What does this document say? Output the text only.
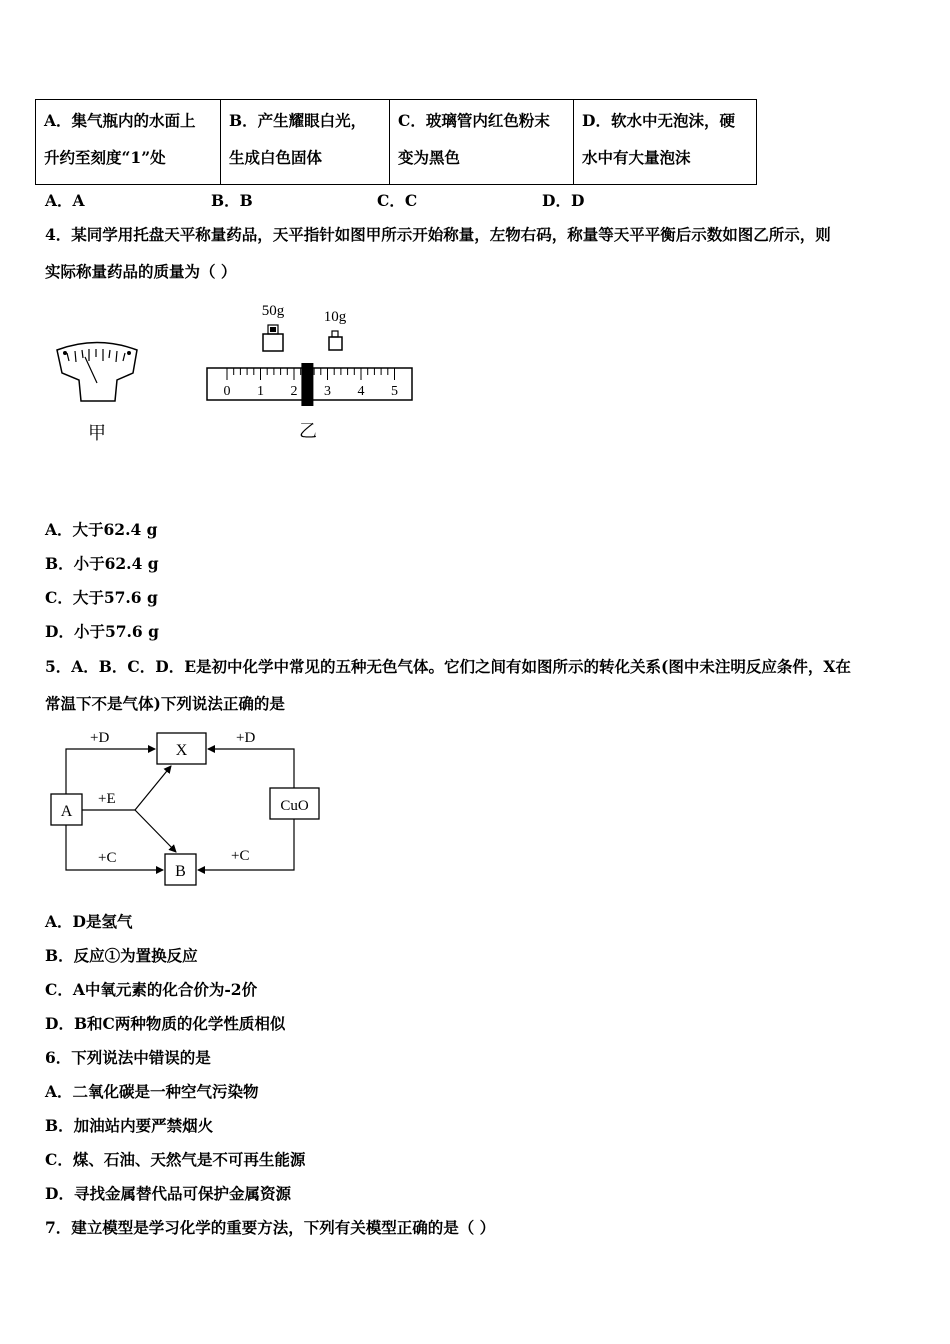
A．集气瓶内的水面上
升约至刻度“1”处

B．产生耀眼白光，
生成白色固体

C．玻璃管内红色粉末
变为黑色

D．软水中无泡沫，硬
水中有大量泡沫
A．A	B．B	C．C	D．D
4．某同学用托盘天平称量药品，天平指针如图甲所示开始称量，左物右码，称量等天平平衡后示数如图乙所示，则
实际称量药品的质量为（ ）
甲
50g	10g
0 1 2 3 4 5
乙
A．大于62.4 g
B．小于62.4 g
C．大于57.6 g
D．小于57.6 g
5．A．B．C．D．E是初中化学中常见的五种无色气体。它们之间有如图所示的转化关系(图中未注明反应条件，X在
常温下不是气体)下列说法正确的是
A
X
B
CuO
+D	+D
+E
+C	+C
A．D是氢气
B．反应①为置换反应
C．A中氧元素的化合价为-2价
D．B和C两种物质的化学性质相似
6．下列说法中错误的是
A．二氧化碳是一种空气污染物
B．加油站内要严禁烟火
C．煤、石油、天然气是不可再生能源
D．寻找金属替代品可保护金属资源
7．建立模型是学习化学的重要方法，下列有关模型正确的是（ ）
